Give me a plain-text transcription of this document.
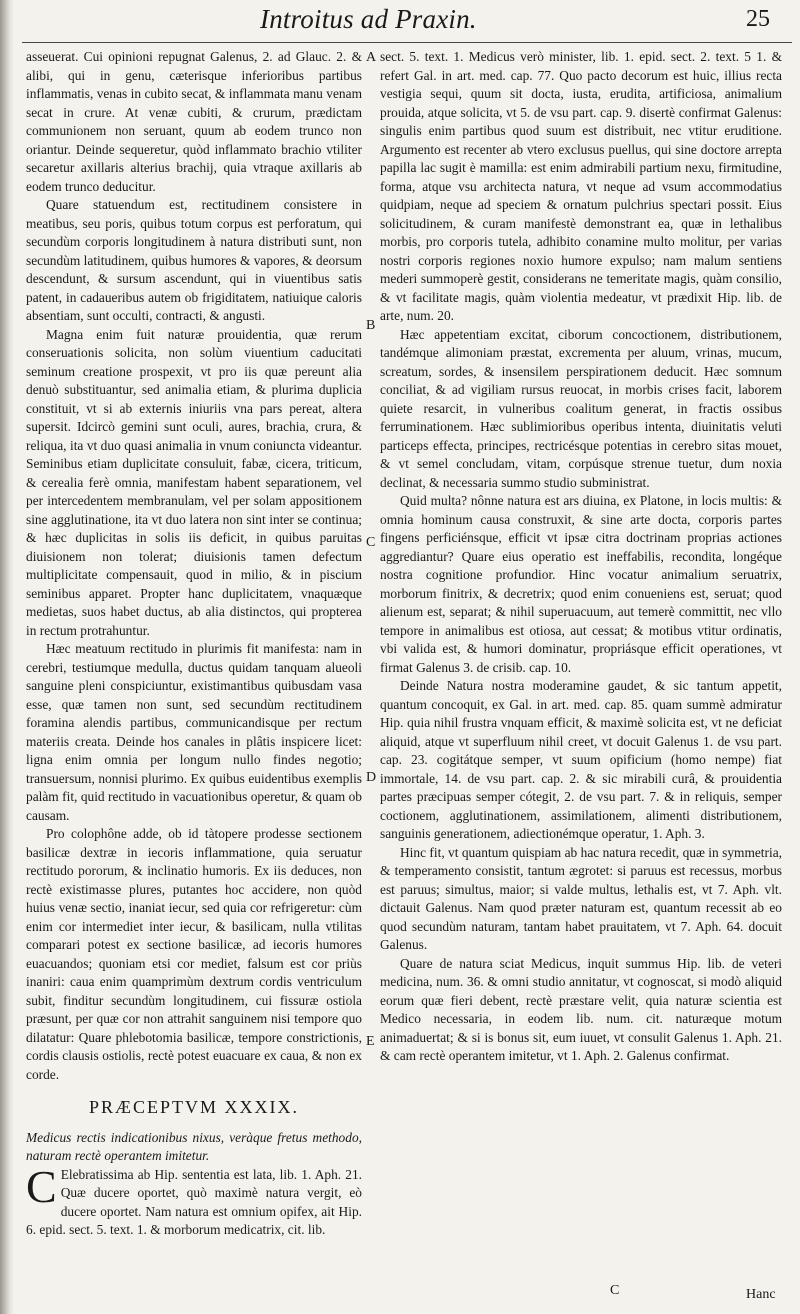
Introitus ad Praxin.	25

asseuerat. Cui opinioni repugnat Galenus, 2. ad Glauc. 2. & alibi, qui in genu, cæterisque inferioribus partibus inflammatis, venas in cubito secat, & inflammata manu venam secat in crure. At venæ cubiti, & crurum, prædictam communionem non seruant, quum ab eodem trunco non oriantur. Deinde sequeretur, quòd inflammato brachio vtiliter secaretur axillaris alterius brachij, quia vtraque axillaris ab eodem trunco deducitur.

Quare statuendum est, rectitudinem consistere in meatibus, seu poris, quibus totum corpus est perforatum, qui secundùm corporis longitudinem à natura distributi sunt, non secundùm latitudinem, quibus humores & vapores, & deorsum descendunt, & sursum ascendunt, qui in viuentibus satis patent, in cadaueribus autem ob frigiditatem, natiuique caloris absentiam, sunt occulti, contracti, & angusti.

Magna enim fuit naturæ prouidentia, quæ rerum conseruationis solicita, non solùm viuentium caducitati seminum creatione prospexit, vt pro iis quæ pereunt alia denuò substituantur, sed animalia etiam, & plurima duplicia constituit, vt si ab externis iniuriis vna pars pereat, altera supersit. Idcircò gemini sunt oculi, aures, brachia, crura, & reliqua, ita vt duo quasi animalia in vnum coniuncta videantur. Seminibus etiam duplicitate consuluit, fabæ, cicera, triticum, & cerealia ferè omnia, manifestam habent separationem, vel per intercedentem membranulam, vel per solam appositionem sine agglutinatione, ita vt duo latera non sint inter se continua; & hæc duplicitas in solis iis deficit, in quibus paruitas diuisionem non tolerat; diuisionis tamen defectum multiplicitate compensauit, quod in milio, & in piscium seminibus apparet. Propter hanc duplicitatem, vnaquæque medietas, suos habet ductus, ab alia distinctos, qui propterea in rectum protrahuntur.

Hæc meatuum rectitudo in plurimis fit manifesta: nam in cerebri, testiumque medulla, ductus quidam tanquam alueoli sanguine pleni conspiciuntur, existimantibus quibusdam vasa esse, quæ tamen non sunt, sed secundùm rectitudinem foramina alendis partibus, communicandisque per rectum materiis creata. Deinde hos canales in plâtis inspicere licet: ligna enim omnia per longum nullo findes negotio; transuersum, nonnisi plurimo. Ex quibus euidentibus exemplis palàm fit, quid rectitudo in vacuationibus operetur, & quam ob causam.

Pro colophône adde, ob id tàtopere prodesse sectionem basilicæ dextræ in iecoris inflammatione, quia seruatur rectitudo pororum, & inclinatio humoris. Ex iis deduces, non rectè existimasse plures, putantes hoc accidere, non quòd huius venæ sectio, inaniat iecur, sed quia cor refrigeretur: cùm enim cor intermediet inter iecur, & basilicam, nulla vtilitas comparari potest ex sectione basilicæ, ad iecoris humores euacuandos; quoniam etsi cor mediet, falsum est cor priùs inaniri: caua enim quamprimùm dextrum cordis ventriculum subit, finditur secundùm longitudinem, cui fissuræ ostiola præsunt, per quæ cor non attrahit sanguinem nisi tempore quo dilatatur: Quare phlebotomia basilicæ, tempore constrictionis, cordis clausis ostiolis, rectè potest euacuare ex caua, & non ex corde.

PRÆCEPTVM XXXIX.

Medicus rectis indicationibus nixus, veràque fretus methodo, naturam rectè operantem imitetur.

C Elebratissima ab Hip. sententia est lata, lib. 1. Aph. 21. Quæ ducere oportet, quò maximè natura vergit, eò ducere oportet. Nam natura est omnium opifex, ait Hip. 6. epid. sect. 5. text. 1. & morborum medicatrix, cit. lib.

A
B
C
D
E

sect. 5. text. 1. Medicus verò minister, lib. 1. epid. sect. 2. text. 5 1. & refert Gal. in art. med. cap. 77. Quo pacto decorum est huic, illius recta vestigia sequi, quum sit docta, iusta, erudita, artificiosa, animalium prouida, atque solicita, vt 5. de vsu part. cap. 9. disertè confirmat Galenus: singulis enim partibus quod suum est distribuit, nec vtitur eruditione. Argumento est recenter ab vtero exclusus puellus, qui sine doctore arrepta papilla lac sugit è mamilla: est enim admirabili partium nexu, firmitudine, forma, atque vsu architecta natura, vt neque ad vsum accommodatius quidpiam, neque ad speciem & ornatum pulchrius spectari possit. Eius solicitudinem, & curam manifestè demonstrant ea, quæ in lethalibus morbis, pro corporis tutela, adhibito conamine multo molitur, per varias nostri corporis regiones noxio humore expulso; nam malum sentiens mederi summoperè gestit, considerans ne temeritate magis, quàm consilio, & vt facilitate magis, quàm violentia medeatur, vt prædixit Hip. lib. de arte, num. 20.

Hæc appetentiam excitat, ciborum concoctionem, distributionem, tandémque alimoniam præstat, excrementa per aluum, vrinas, mucum, screatum, sordes, & insensilem perspirationem deducit. Hæc somnum conciliat, & ad vigiliam rursus reuocat, in morbis crises facit, laborem quiete resarcit, in vulneribus coalitum generat, in fractis ossibus ferruminationem. Hæc sublimioribus operibus intenta, diuinitatis veluti particeps effecta, principes, rectricésque potentias in cerebro sitas mouet, & vt semel concludam, vitam, corpúsque strenue tuetur, dum noxia declinat, & necessaria summo studio subministrat.

Quid multa? nônne natura est ars diuina, ex Platone, in locis multis: & omnia hominum causa construxit, & sine arte docta, corporis partes fingens perficiénsque, efficit vt ipsæ citra doctrinam proprias actiones aggrediantur? Quare eius operatio est ineffabilis, recondita, longéque nostra cognitione profundior. Hinc vocatur animalium seruatrix, morborum finitrix, & decretrix; quod enim conueniens est, seruat; quod alienum est, separat; & nihil superuacuum, aut temerè committit, nec vllo tempore in animalibus est otiosa, aut cessat; & motibus vtitur ordinatis, vbi valida est, & humori dominatur, propriásque efficit operationes, vt firmat Galenus 3. de crisib. cap. 10.

Deinde Natura nostra moderamine gaudet, & sic tantum appetit, quantum concoquit, ex Gal. in art. med. cap. 85. quam summè admiratur Hip. quia nihil frustra vnquam efficit, & maximè solicita est, vt ne deficiat aliquid, atque vt superfluum nihil creet, vt docuit Galenus 1. de vsu part. cap. 23. cogitátque semper, vt suum opificium (homo nempe) fiat immortale, 14. de vsu part. cap. 2. & sic mirabili curâ, & prouidentia partes præcipuas semper cótegit, 2. de vsu part. 7. & in reliquis, semper coctionem, agglutinationem, assimilationem, alimenti distributionem, sanguinis generationem, adiectionémque operatur, 1. Aph. 3.

Hinc fit, vt quantum quispiam ab hac natura recedit, quæ in symmetria, & temperamento consistit, tantum ægrotet: si paruus est recessus, morbus est paruus; simultus, maior; si valde multus, lethalis est, vt 7. Aph. vlt. dictauit Galenus. Nam quod præter naturam est, quantum recessit ab eo quod secundùm naturam, tantam habet prauitatem, vt 7. Aph. 64. docuit Galenus.

Quare de natura sciat Medicus, inquit summus Hip. lib. de veteri medicina, num. 36. & omni studio annitatur, vt cognoscat, si modò aliquid eorum quæ fieri debent, rectè præstare velit, quia naturæ scientia est Medico necessaria, in eodem lib. num. cit. naturæque motum animaduertat; & si is bonus sit, eum iuuet, vt consulit Galenus 1. Aph. 21. & cam rectè operantem imitetur, vt 1. Aph. 2. Galenus confirmat.

C	Hanc
